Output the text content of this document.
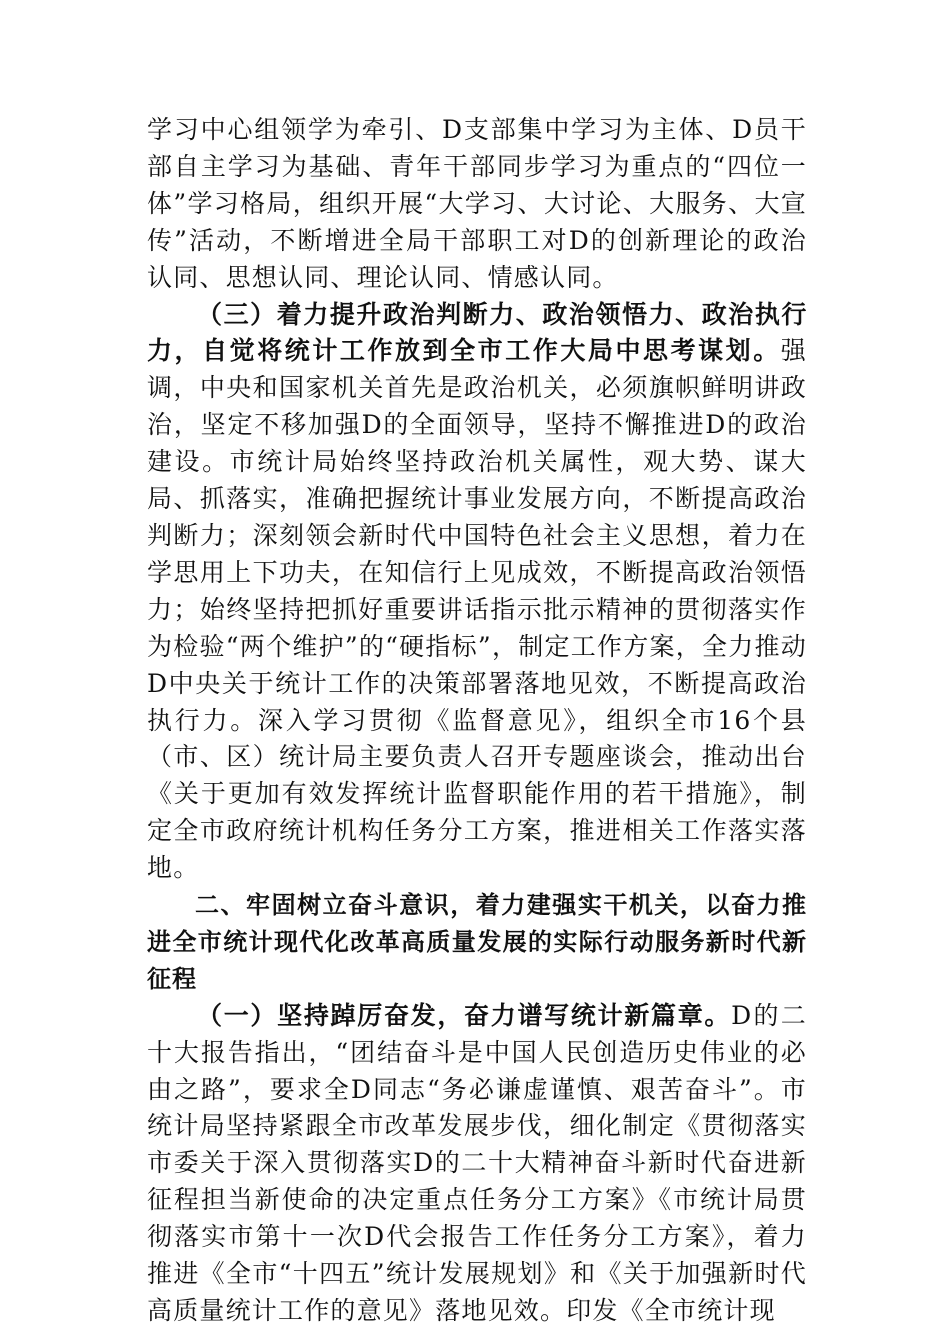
学习中心组领学为牵引、D支部集中学习为主体、D员干部自主学习为基础、青年干部同步学习为重点的“四位一体”学习格局，组织开展“大学习、大讨论、大服务、大宣传”活动，不断增进全局干部职工对D的创新理论的政治认同、思想认同、理论认同、情感认同。

（三）着力提升政治判断力、政治领悟力、政治执行力，自觉将统计工作放到全市工作大局中思考谋划。强调，中央和国家机关首先是政治机关，必须旗帜鲜明讲政治，坚定不移加强D的全面领导，坚持不懈推进D的政治建设。市统计局始终坚持政治机关属性，观大势、谋大局、抓落实，准确把握统计事业发展方向，不断提高政治判断力；深刻领会新时代中国特色社会主义思想，着力在学思用上下功夫，在知信行上见成效，不断提高政治领悟力；始终坚持把抓好重要讲话指示批示精神的贯彻落实作为检验“两个维护”的“硬指标”，制定工作方案，全力推动D中央关于统计工作的决策部署落地见效，不断提高政治执行力。深入学习贯彻《监督意见》，组织全市16个县（市、区）统计局主要负责人召开专题座谈会，推动出台《关于更加有效发挥统计监督职能作用的若干措施》，制定全市政府统计机构任务分工方案，推进相关工作落实落地。

二、牢固树立奋斗意识，着力建强实干机关，以奋力推进全市统计现代化改革高质量发展的实际行动服务新时代新征程

（一）坚持踔厉奋发，奋力谱写统计新篇章。D的二十大报告指出，“团结奋斗是中国人民创造历史伟业的必由之路”，要求全D同志“务必谦虚谨慎、艰苦奋斗”。市统计局坚持紧跟全市改革发展步伐，细化制定《贯彻落实市委关于深入贯彻落实D的二十大精神奋斗新时代奋进新征程担当新使命的决定重点任务分工方案》《市统计局贯彻落实市第十一次D代会报告工作任务分工方案》，着力推进《全市“十四五”统计发展规划》和《关于加强新时代高质量统计工作的意见》落地见效。印发《全市统计现
